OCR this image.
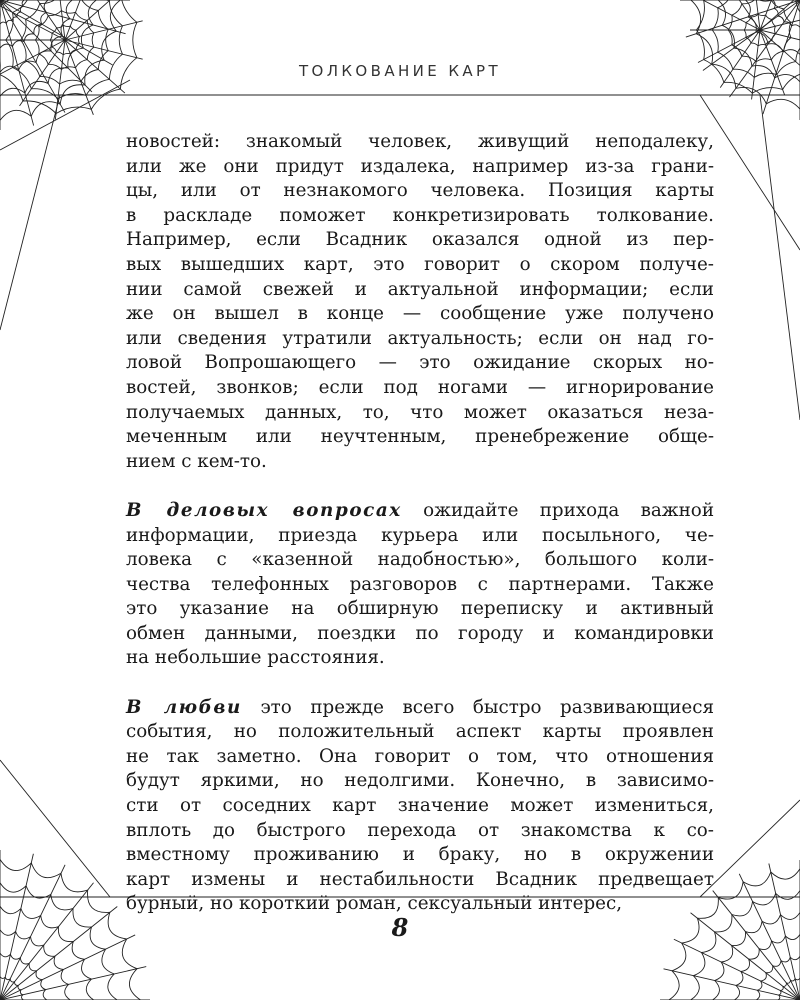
ТОЛКОВАНИЕ КАРТ
новостей: знакомый человек, живущий неподалеку,
или же они придут издалека, например из-за грани-
цы, или от незнакомого человека. Позиция карты
в раскладе поможет конкретизировать толкование.
Например, если Всадник оказался одной из пер-
вых вышедших карт, это говорит о скором получе-
нии самой свежей и актуальной информации; если
же он вышел в конце — сообщение уже получено
или сведения утратили актуальность; если он над го-
ловой Вопрошающего — это ожидание скорых но-
востей, звонков; если под ногами — игнорирование
получаемых данных, то, что может оказаться неза-
меченным или неучтенным, пренебрежение обще-
нием с кем-то.
В деловых вопросах ожидайте прихода важной
информации, приезда курьера или посыльного, че-
ловека с «казенной надобностью», большого коли-
чества телефонных разговоров с партнерами. Также
это указание на обширную переписку и активный
обмен данными, поездки по городу и командировки
на небольшие расстояния.
В любви это прежде всего быстро развивающиеся
события, но положительный аспект карты проявлен
не так заметно. Она говорит о том, что отношения
будут яркими, но недолгими. Конечно, в зависимо-
сти от соседних карт значение может измениться,
вплоть до быстрого перехода от знакомства к со-
вместному проживанию и браку, но в окружении
карт измены и нестабильности Всадник предвещает
бурный, но короткий роман, сексуальный интерес,
8
